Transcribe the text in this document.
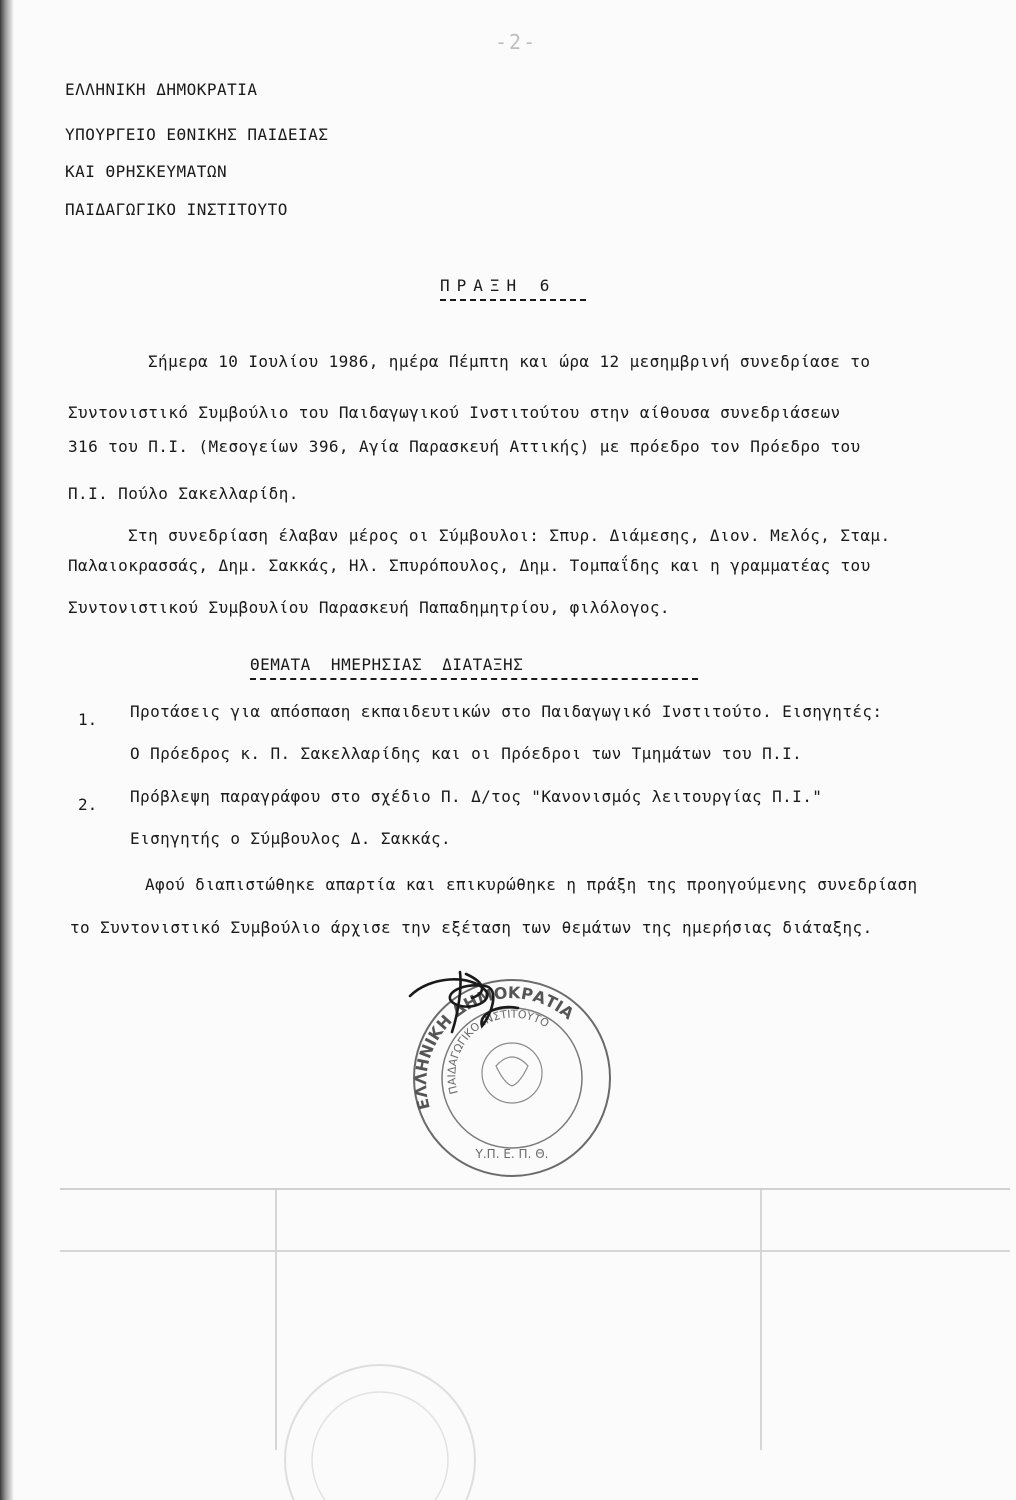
-2-
ΕΛΛΗΝΙΚΗ ΔΗΜΟΚΡΑΤΙΑ
ΥΠΟΥΡΓΕΙΟ ΕΘΝΙΚΗΣ ΠΑΙΔΕΙΑΣ
ΚΑΙ ΘΡΗΣΚΕΥΜΑΤΩΝ
ΠΑΙΔΑΓΩΓΙΚΟ ΙΝΣΤΙΤΟΥΤΟ
ΠΡΑΞΗ 6
Σήμερα 10 Ιουλίου 1986, ημέρα Πέμπτη και ώρα 12 μεσημβρινή συνεδρίασε το
Συντονιστικό Συμβούλιο του Παιδαγωγικού Ινστιτούτου στην αίθουσα συνεδριάσεων
316 του Π.Ι. (Μεσογείων 396, Αγία Παρασκευή Αττικής) με πρόεδρο τον Πρόεδρο του
Π.Ι. Πούλο Σακελλαρίδη.
Στη συνεδρίαση έλαβαν μέρος οι Σύμβουλοι: Σπυρ. Διάμεσης, Διον. Μελός, Σταμ.
Παλαιοκρασσάς, Δημ. Σακκάς, Ηλ. Σπυρόπουλος, Δημ. Τομπαΐδης και η γραμματέας του
Συντονιστικού Συμβουλίου Παρασκευή Παπαδημητρίου, φιλόλογος.
ΘΕΜΑΤΑ ΗΜΕΡΗΣΙΑΣ ΔΙΑΤΑΞΗΣ
1. Προτάσεις για απόσπαση εκπαιδευτικών στο Παιδαγωγικό Ινστιτούτο. Εισηγητές:
Ο Πρόεδρος κ. Π. Σακελλαρίδης και οι Πρόεδροι των Τμημάτων του Π.Ι.
2. Πρόβλεψη παραγράφου στο σχέδιο Π. Δ/τος "Κανονισμός λειτουργίας Π.Ι."
Εισηγητής ο Σύμβουλος Δ. Σακκάς.
Αφού διαπιστώθηκε απαρτία και επικυρώθηκε η πράξη της προηγούμενης συνεδρίαση
το Συντονιστικό Συμβούλιο άρχισε την εξέταση των θεμάτων της ημερήσιας διάταξης.
ΕΛΛΗΝΙΚΗ ΔΗΜΟΚΡΑΤΙΑ
ΠΑΙΔΑΓΩΓΙΚΟ ΙΝΣΤΙΤΟΥΤΟ
Υ.Π. Ε. Π. Θ.
